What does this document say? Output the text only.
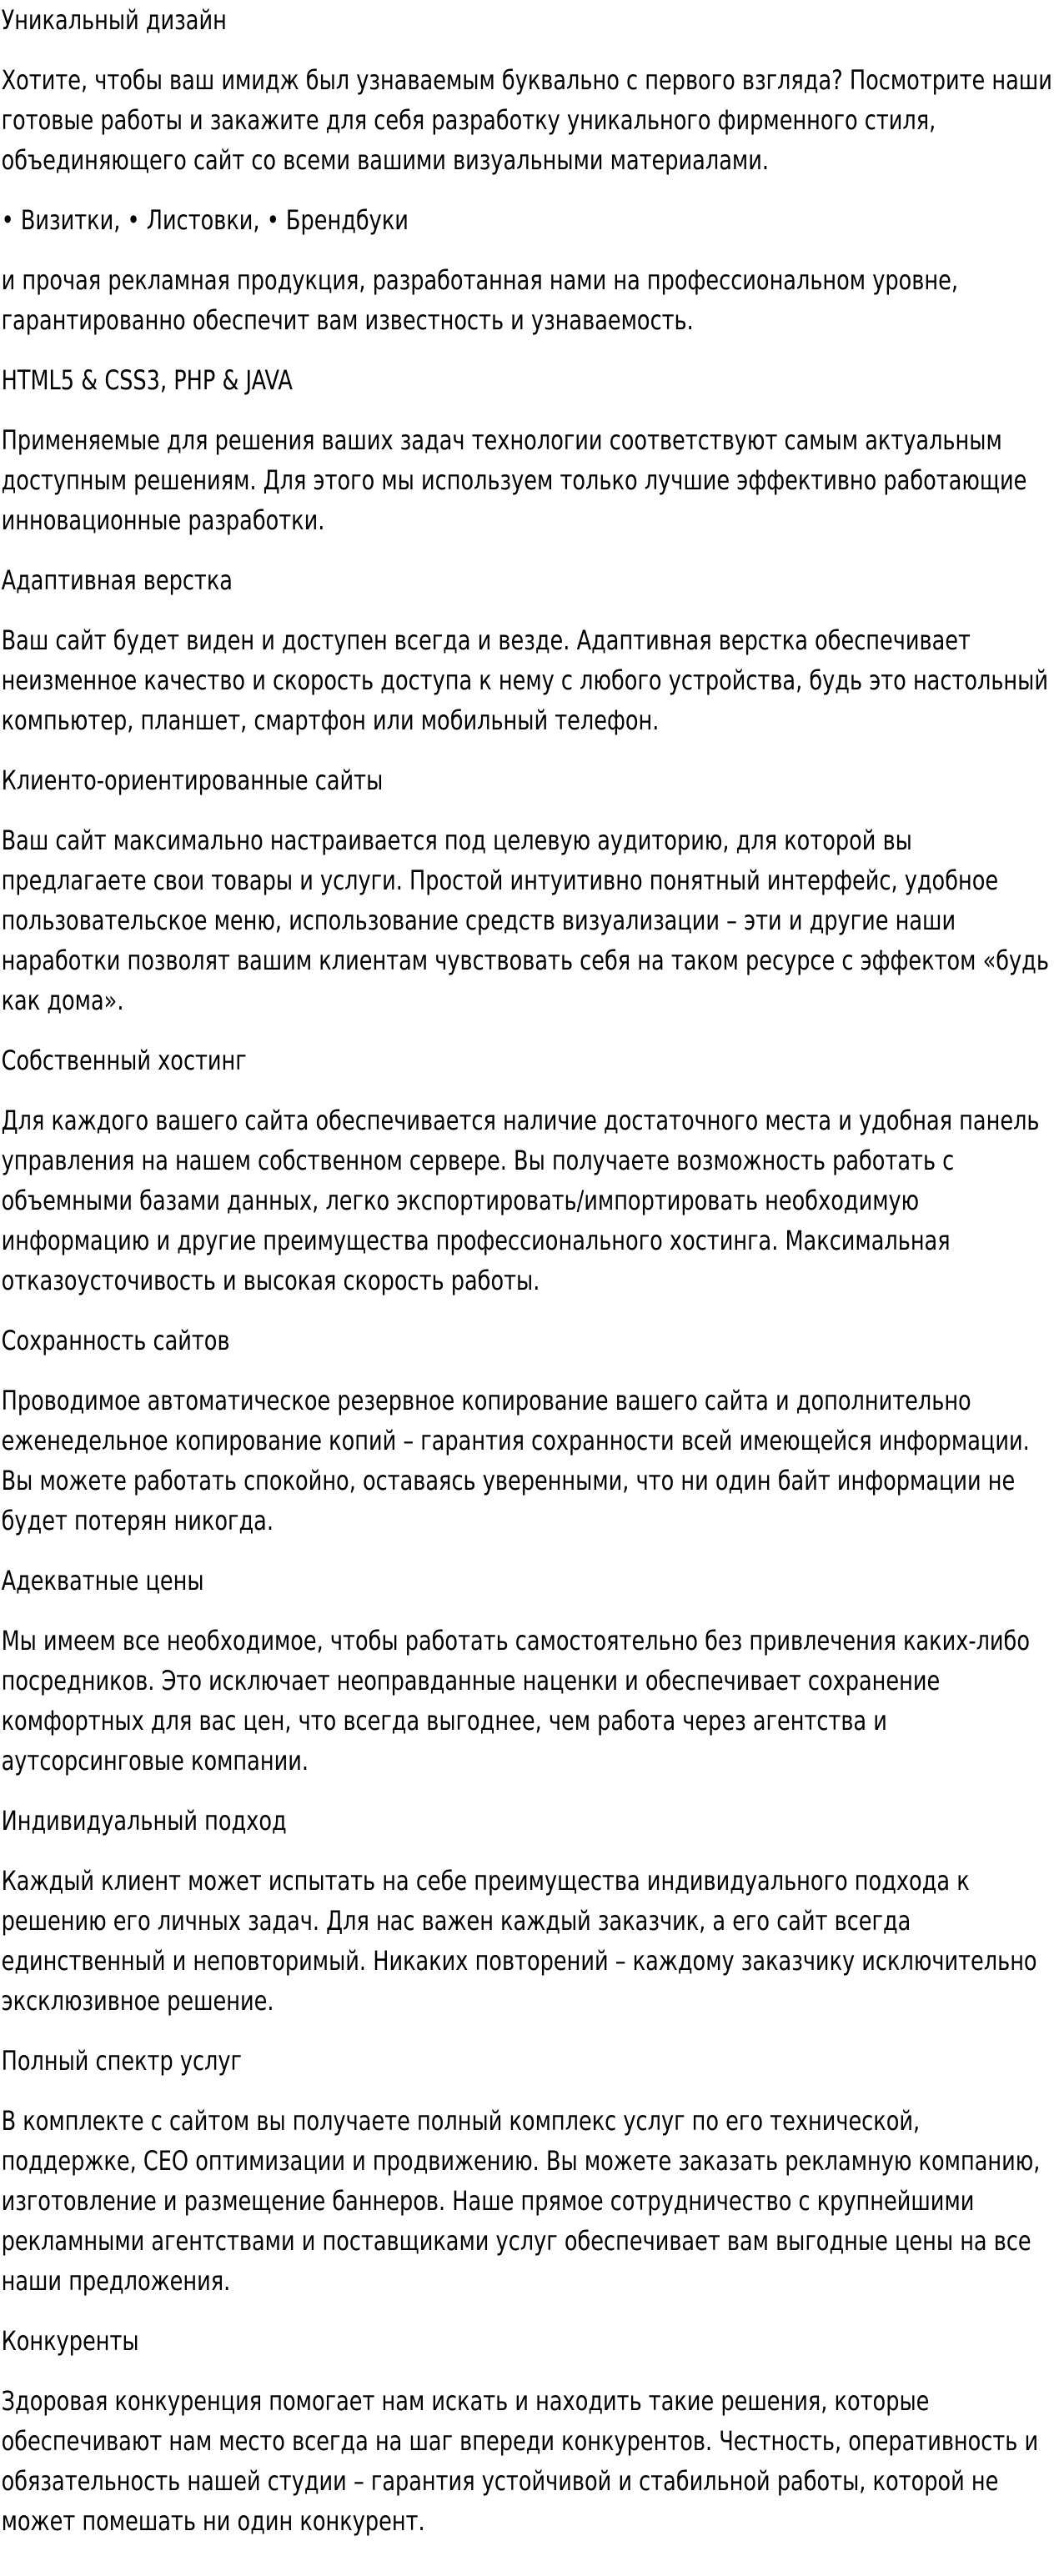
Уникальный дизайн

Хотите, чтобы ваш имидж был узнаваемым буквально с первого взгляда? Посмотрите наши готовые работы и закажите для себя разработку уникального фирменного стиля, объединяющего сайт со всеми вашими визуальными материалами.

• Визитки, • Листовки, • Брендбуки

и прочая рекламная продукция, разработанная нами на профессиональном уровне, гарантированно обеспечит вам известность и узнаваемость.

HTML5 & CSS3, PHP & JAVA

Применяемые для решения ваших задач технологии соответствуют самым актуальным доступным решениям. Для этого мы используем только лучшие эффективно работающие инновационные разработки.

Адаптивная верстка

Ваш сайт будет виден и доступен всегда и везде. Адаптивная верстка обеспечивает неизменное качество и скорость доступа к нему с любого устройства, будь это настольный компьютер, планшет, смартфон или мобильный телефон.

Клиенто-ориентированные сайты

Ваш сайт максимально настраивается под целевую аудиторию, для которой вы предлагаете свои товары и услуги. Простой интуитивно понятный интерфейс, удобное пользовательское меню, использование средств визуализации – эти и другие наши наработки позволят вашим клиентам чувствовать себя на таком ресурсе с эффектом «будь как дома».

Собственный хостинг

Для каждого вашего сайта обеспечивается наличие достаточного места и удобная панель управления на нашем собственном сервере. Вы получаете возможность работать с объемными базами данных, легко экспортировать/импортировать необходимую информацию и другие преимущества профессионального хостинга. Максимальная отказоусточивость и высокая скорость работы.

Сохранность сайтов

Проводимое автоматическое резервное копирование вашего сайта и дополнительно еженедельное копирование копий – гарантия сохранности всей имеющейся информации. Вы можете работать спокойно, оставаясь уверенными, что ни один байт информации не будет потерян никогда.

Адекватные цены

Мы имеем все необходимое, чтобы работать самостоятельно без привлечения каких-либо посредников. Это исключает неоправданные наценки и обеспечивает сохранение комфортных для вас цен, что всегда выгоднее, чем работа через агентства и аутсорсинговые компании.

Индивидуальный подход

Каждый клиент может испытать на себе преимущества индивидуального подхода к решению его личных задач. Для нас важен каждый заказчик, а его сайт всегда единственный и неповторимый. Никаких повторений – каждому заказчику исключительно эксклюзивное решение.

Полный спектр услуг

В комплекте с сайтом вы получаете полный комплекс услуг по его технической, поддержке, СЕО оптимизации и продвижению. Вы можете заказать рекламную компанию, изготовление и размещение баннеров. Наше прямое сотрудничество с крупнейшими рекламными агентствами и поставщиками услуг обеспечивает вам выгодные цены на все наши предложения.

Конкуренты

Здоровая конкуренция помогает нам искать и находить такие решения, которые обеспечивают нам место всегда на шаг впереди конкурентов. Честность, оперативность и обязательность нашей студии – гарантия устойчивой и стабильной работы, которой не может помешать ни один конкурент.
